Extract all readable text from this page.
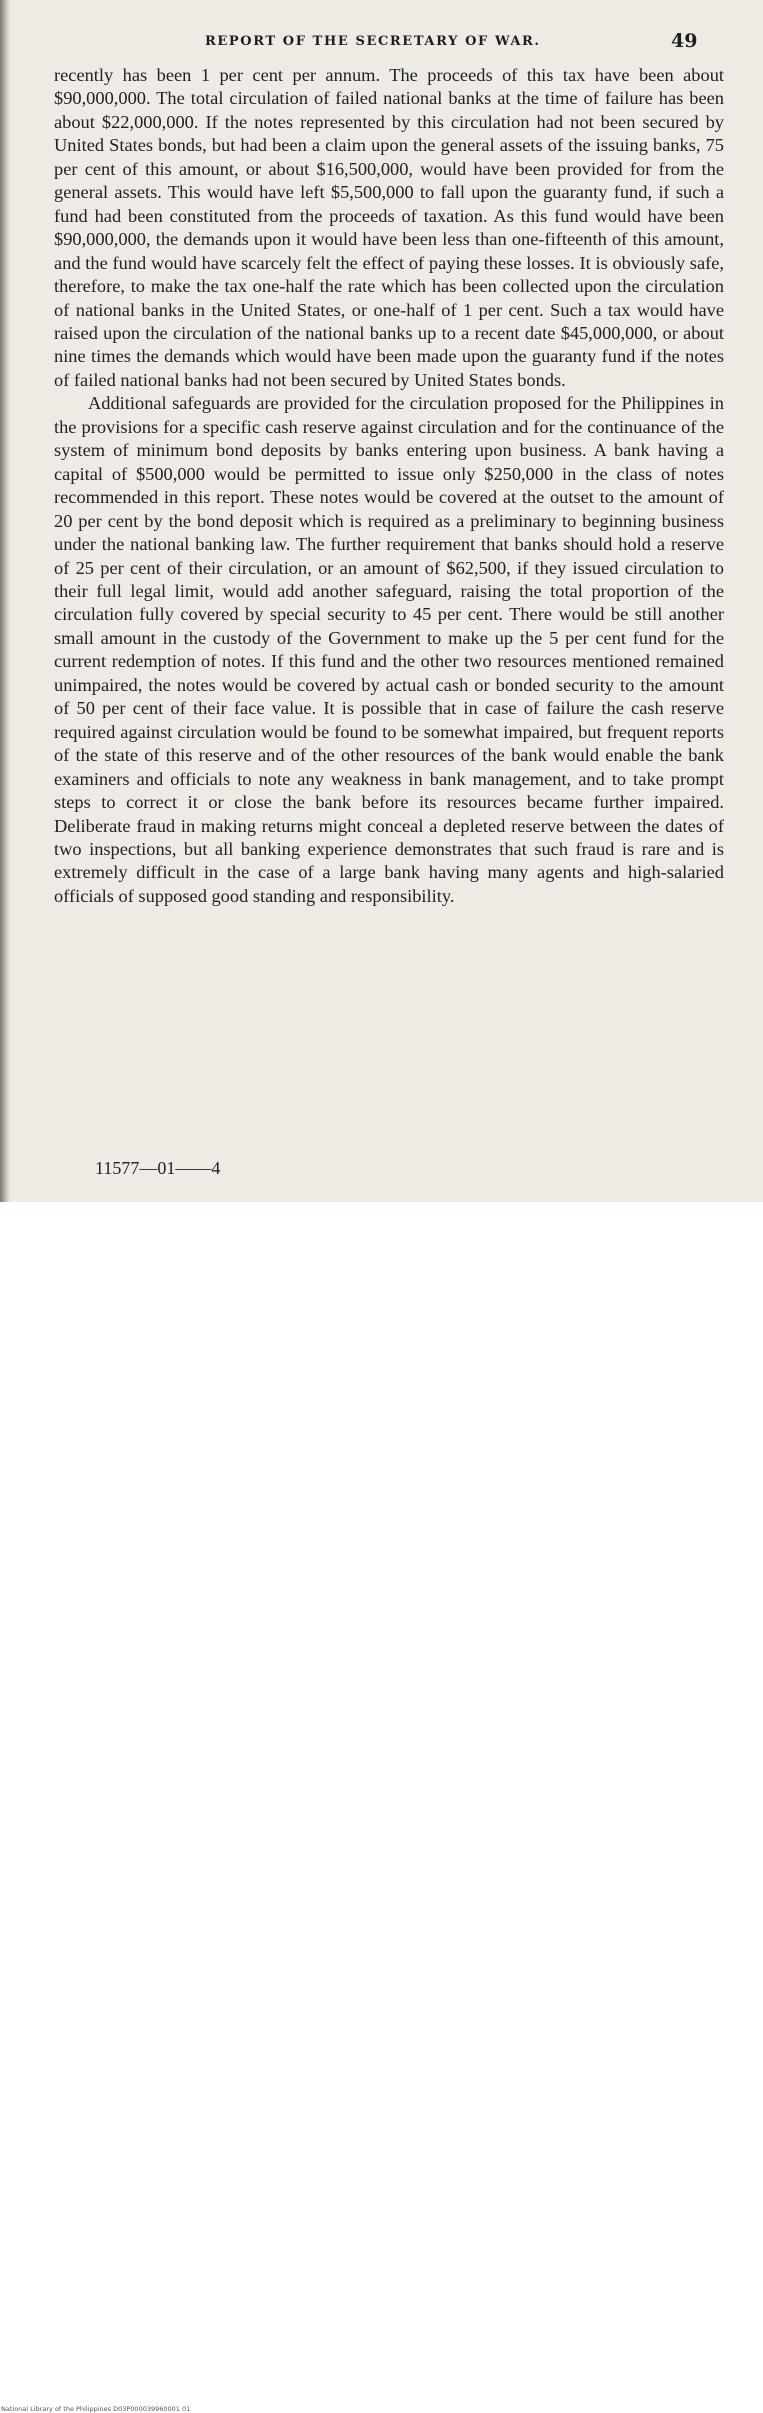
REPORT OF THE SECRETARY OF WAR.	49

recently has been 1 per cent per annum. The proceeds of this tax have been about $90,000,000. The total circulation of failed national banks at the time of failure has been about $22,000,000. If the notes represented by this circulation had not been secured by United States bonds, but had been a claim upon the general assets of the issuing banks, 75 per cent of this amount, or about $16,500,000, would have been provided for from the general assets. This would have left $5,500,000 to fall upon the guaranty fund, if such a fund had been constituted from the proceeds of taxation. As this fund would have been $90,000,000, the demands upon it would have been less than one-fifteenth of this amount, and the fund would have scarcely felt the effect of paying these losses. It is obviously safe, therefore, to make the tax one-half the rate which has been collected upon the circulation of national banks in the United States, or one-half of 1 per cent. Such a tax would have raised upon the circulation of the national banks up to a recent date $45,000,000, or about nine times the demands which would have been made upon the guaranty fund if the notes of failed national banks had not been secured by United States bonds.

Additional safeguards are provided for the circulation proposed for the Philippines in the provisions for a specific cash reserve against circulation and for the continuance of the system of minimum bond deposits by banks entering upon business. A bank having a capital of $500,000 would be permitted to issue only $250,000 in the class of notes recommended in this report. These notes would be covered at the outset to the amount of 20 per cent by the bond deposit which is required as a preliminary to beginning business under the national banking law. The further requirement that banks should hold a reserve of 25 per cent of their circulation, or an amount of $62,500, if they issued circulation to their full legal limit, would add another safeguard, raising the total proportion of the circulation fully covered by special security to 45 per cent. There would be still another small amount in the custody of the Government to make up the 5 per cent fund for the current redemption of notes. If this fund and the other two resources mentioned remained unimpaired, the notes would be covered by actual cash or bonded security to the amount of 50 per cent of their face value. It is possible that in case of failure the cash reserve required against circulation would be found to be somewhat impaired, but frequent reports of the state of this reserve and of the other resources of the bank would enable the bank examiners and officials to note any weakness in bank management, and to take prompt steps to correct it or close the bank before its resources became further impaired. Deliberate fraud in making returns might conceal a depleted reserve between the dates of two inspections, but all banking experience demonstrates that such fraud is rare and is extremely difficult in the case of a large bank having many agents and high-salaried officials of supposed good standing and responsibility.

11577—01——4
National Library of the Philippines D03P000039960001 01
